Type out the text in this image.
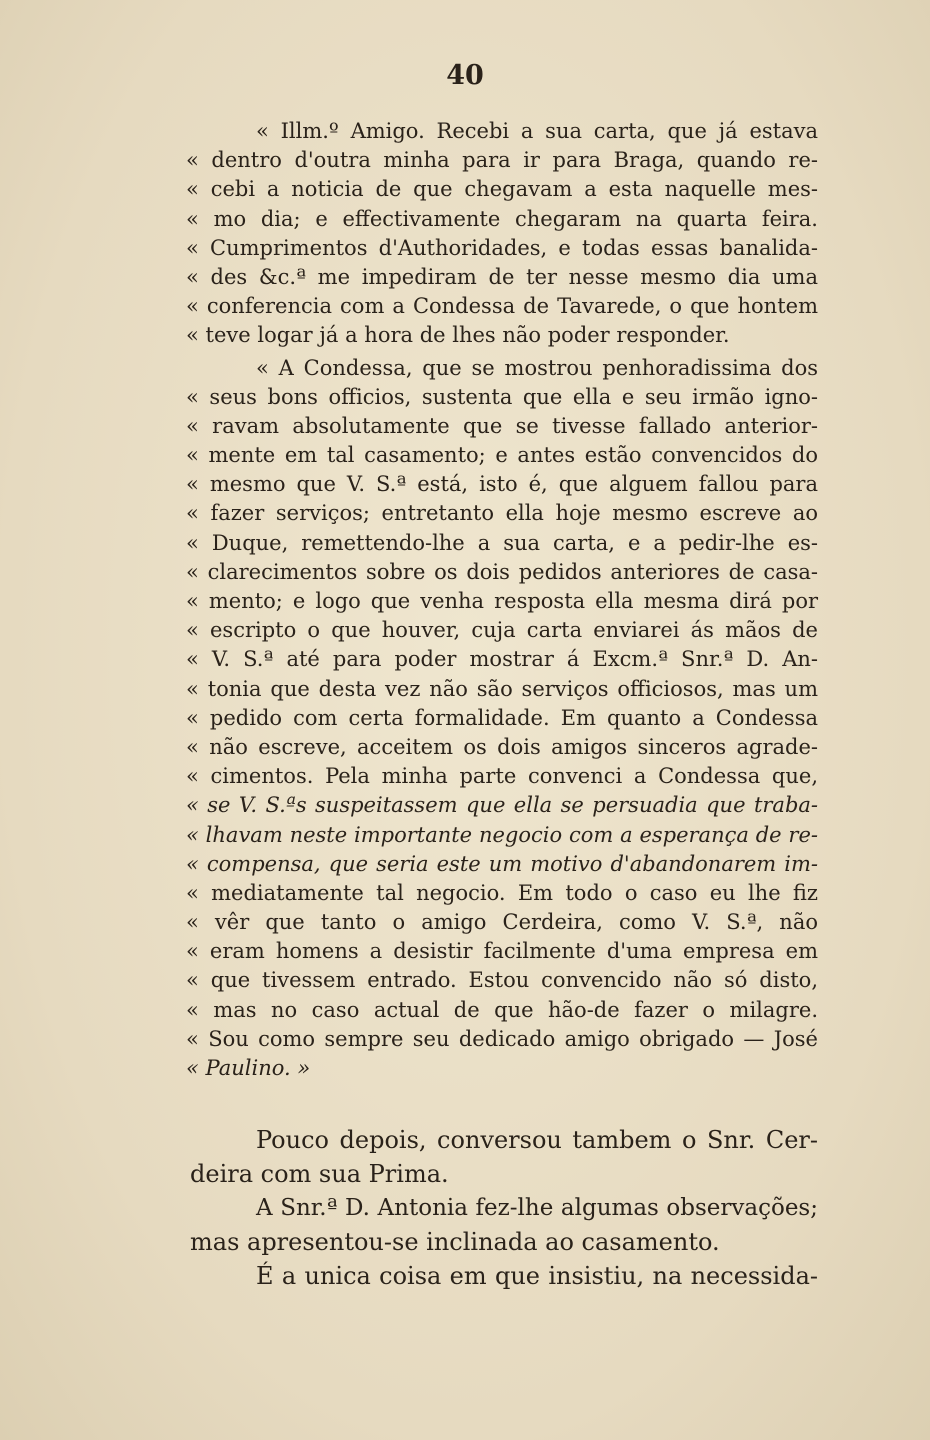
40
« Illm.º Amigo. Recebi a sua carta, que já estava
« dentro d'outra minha para ir para Braga, quando re-
« cebi a noticia de que chegavam a esta naquelle mes-
« mo dia; e effectivamente chegaram na quarta feira.
« Cumprimentos d'Authoridades, e todas essas banalida-
« des &c.ª me impediram de ter nesse mesmo dia uma
« conferencia com a Condessa de Tavarede, o que hontem
« teve logar já a hora de lhes não poder responder.
« A Condessa, que se mostrou penhoradissima dos
« seus bons officios, sustenta que ella e seu irmão igno-
« ravam absolutamente que se tivesse fallado anterior-
« mente em tal casamento; e antes estão convencidos do
« mesmo que V. S.ª está, isto é, que alguem fallou para
« fazer serviços; entretanto ella hoje mesmo escreve ao
« Duque, remettendo-lhe a sua carta, e a pedir-lhe es-
« clarecimentos sobre os dois pedidos anteriores de casa-
« mento; e logo que venha resposta ella mesma dirá por
« escripto o que houver, cuja carta enviarei ás mãos de
« V. S.ª até para poder mostrar á Excm.ª Snr.ª D. An-
« tonia que desta vez não são serviços officiosos, mas um
« pedido com certa formalidade. Em quanto a Condessa
« não escreve, acceitem os dois amigos sinceros agrade-
« cimentos. Pela minha parte convenci a Condessa que,
« se V. S.ªs suspeitassem que ella se persuadia que traba-
« lhavam neste importante negocio com a esperança de re-
« compensa, que seria este um motivo d'abandonarem im-
« mediatamente tal negocio. Em todo o caso eu lhe fiz
« vêr que tanto o amigo Cerdeira, como V. S.ª, não
« eram homens a desistir facilmente d'uma empresa em
« que tivessem entrado. Estou convencido não só disto,
« mas no caso actual de que hão-de fazer o milagre.
« Sou como sempre seu dedicado amigo obrigado — José
« Paulino. »
Pouco depois, conversou tambem o Snr. Cer-
deira com sua Prima.
A Snr.ª D. Antonia fez-lhe algumas observações;
mas apresentou-se inclinada ao casamento.
É a unica coisa em que insistiu, na necessida-
